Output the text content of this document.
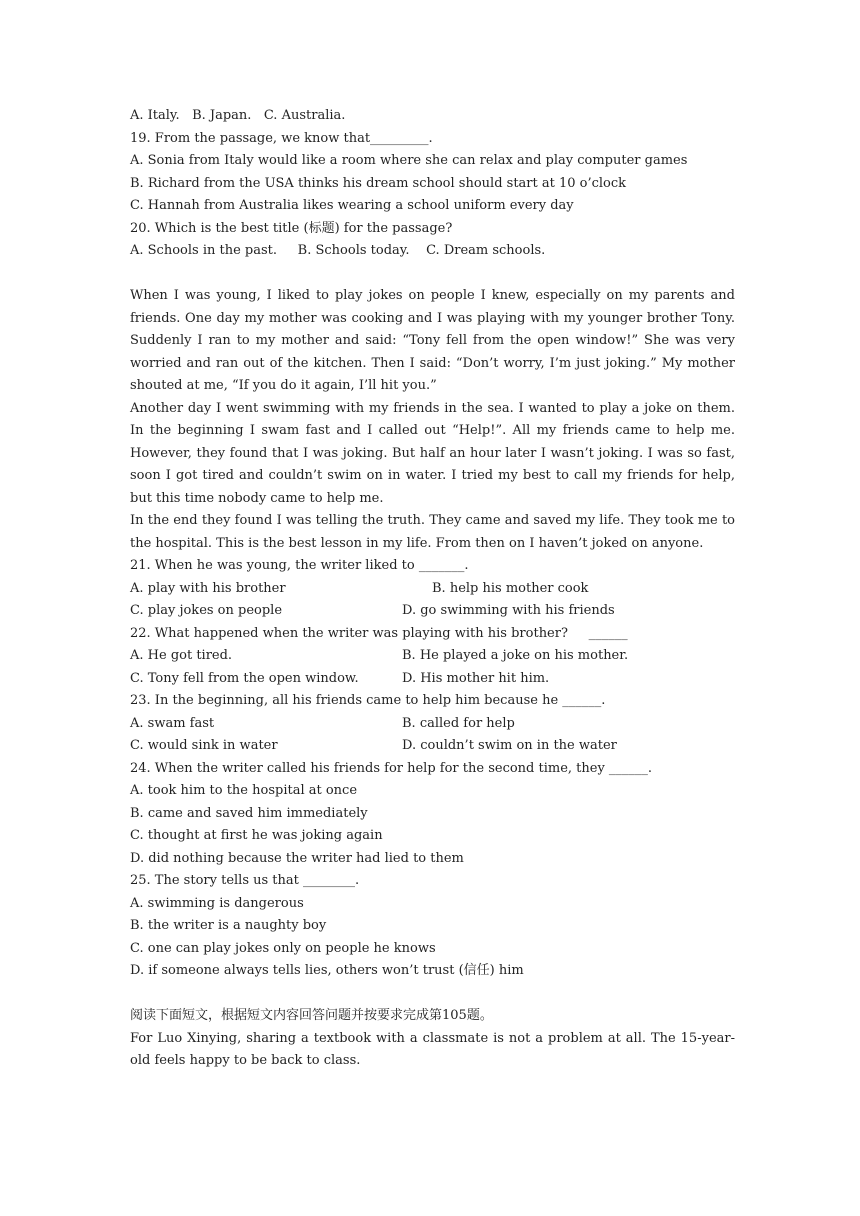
A. Italy.   B. Japan.   C. Australia.
19. From the passage, we know that_________.
A. Sonia from Italy would like a room where she can relax and play computer games
B. Richard from the USA thinks his dream school should start at 10 o’clock
C. Hannah from Australia likes wearing a school uniform every day
20. Which is the best title (标题) for the passage?
A. Schools in the past.     B. Schools today.    C. Dream schools.
When I was young, I liked to play jokes on people I knew, especially on my parents and friends. One day my mother was cooking and I was playing with my younger brother Tony. Suddenly I ran to my mother and said: “Tony fell from the open window!” She was very worried and ran out of the kitchen. Then I said: “Don’t worry, I’m just joking.” My mother shouted at me, “If you do it again, I’ll hit you.”
Another day I went swimming with my friends in the sea. I wanted to play a joke on them. In the beginning I swam fast and I called out “Help!”. All my friends came to help me. However, they found that I was joking. But half an hour later I wasn’t joking. I was so fast, soon I got tired and couldn’t swim on in water. I tried my best to call my friends for help, but this time nobody came to help me.
In the end they found I was telling the truth. They came and saved my life. They took me to the hospital. This is the best lesson in my life. From then on I haven’t joked on anyone.
21. When he was young, the writer liked to _______.
A. play with his brother	B. help his mother cook
C. play jokes on people	D. go swimming with his friends
22. What happened when the writer was playing with his brother?     ______
A. He got tired.	B. He played a joke on his mother.
C. Tony fell from the open window.	D. His mother hit him.
23. In the beginning, all his friends came to help him because he ______.
A. swam fast	B. called for help
C. would sink in water	D. couldn’t swim on in the water
24. When the writer called his friends for help for the second time, they ______.
A. took him to the hospital at once
B. came and saved him immediately
C. thought at first he was joking again
D. did nothing because the writer had lied to them
25. The story tells us that ________.
A. swimming is dangerous
B. the writer is a naughty boy
C. one can play jokes only on people he knows
D. if someone always tells lies, others won’t trust (信任) him
阅读下面短文，根据短文内容回答问题并按要求完成第105题。
For Luo Xinying, sharing a textbook with a classmate is not a problem at all. The 15-year-old feels happy to be back to class.
